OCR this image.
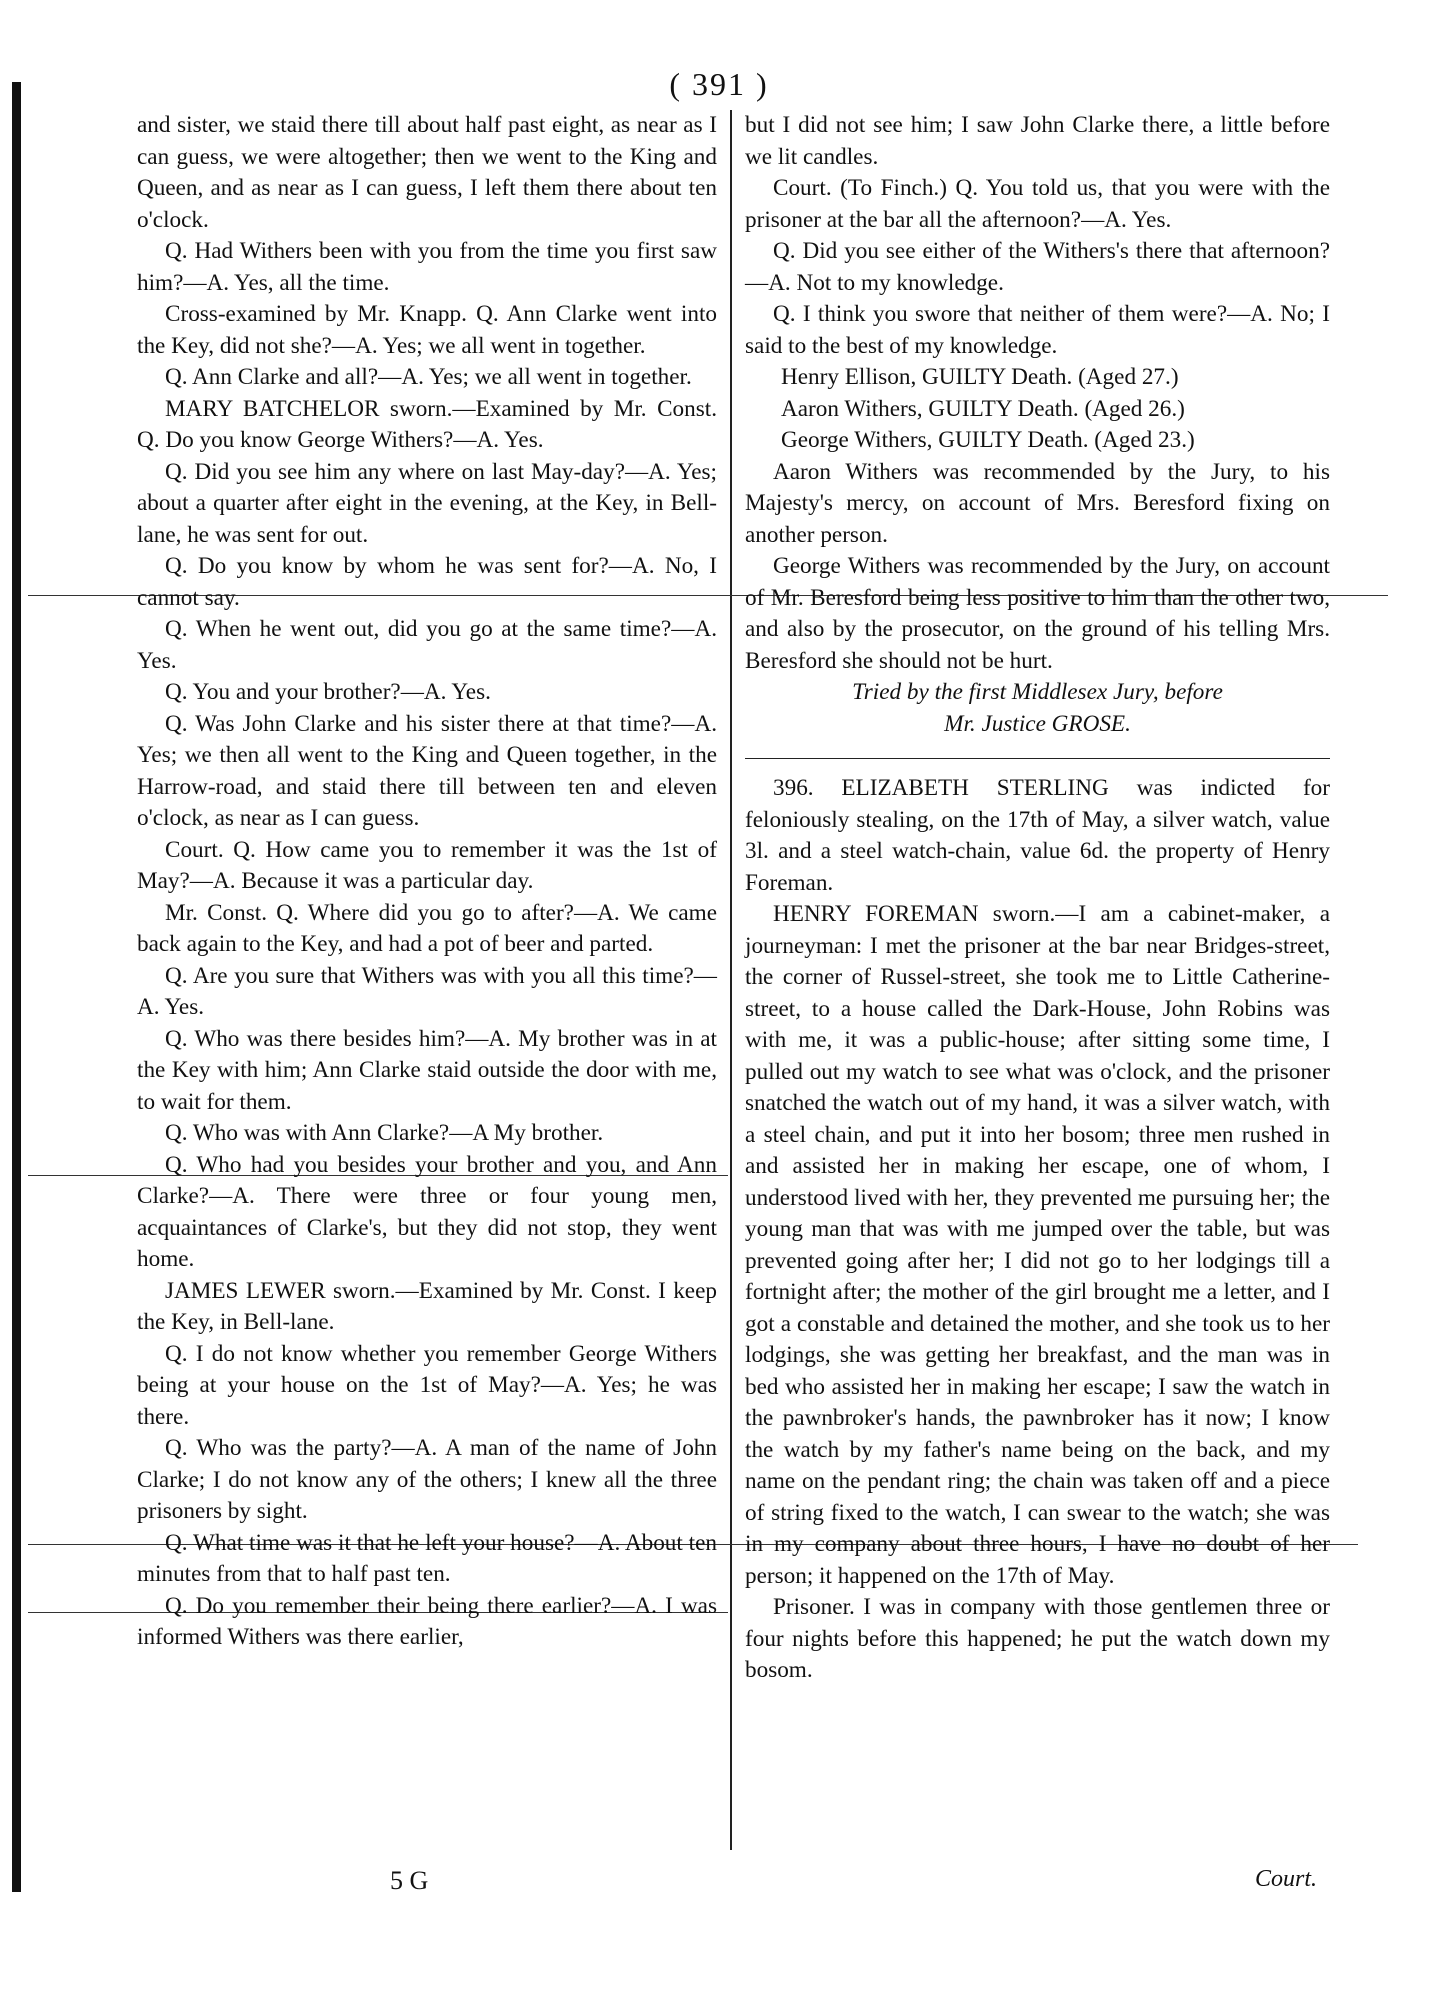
( 391 )

and sister, we staid there till about half past eight, as near as I can guess, we were altogether; then we went to the King and Queen, and as near as I can guess, I left them there about ten o'clock.

Q. Had Withers been with you from the time you first saw him?—A. Yes, all the time.

Cross-examined by Mr. Knapp. Q. Ann Clarke went into the Key, did not she?—A. Yes; we all went in together.

Q. Ann Clarke and all?—A. Yes; we all went in together.

MARY BATCHELOR sworn.—Examined by Mr. Const. Q. Do you know George Withers?—A. Yes.

Q. Did you see him any where on last May-day?—A. Yes; about a quarter after eight in the evening, at the Key, in Bell-lane, he was sent for out.

Q. Do you know by whom he was sent for?—A. No, I cannot say.

Q. When he went out, did you go at the same time?—A. Yes.

Q. You and your brother?—A. Yes.

Q. Was John Clarke and his sister there at that time?—A. Yes; we then all went to the King and Queen together, in the Harrow-road, and staid there till between ten and eleven o'clock, as near as I can guess.

Court. Q. How came you to remember it was the 1st of May?—A. Because it was a particular day.

Mr. Const. Q. Where did you go to after?—A. We came back again to the Key, and had a pot of beer and parted.

Q. Are you sure that Withers was with you all this time?—A. Yes.

Q. Who was there besides him?—A. My brother was in at the Key with him; Ann Clarke staid outside the door with me, to wait for them.

Q. Who was with Ann Clarke?—A My brother.

Q. Who had you besides your brother and you, and Ann Clarke?—A. There were three or four young men, acquaintances of Clarke's, but they did not stop, they went home.

JAMES LEWER sworn.—Examined by Mr. Const. I keep the Key, in Bell-lane.

Q. I do not know whether you remember George Withers being at your house on the 1st of May?—A. Yes; he was there.

Q. Who was the party?—A. A man of the name of John Clarke; I do not know any of the others; I knew all the three prisoners by sight.

Q. What time was it that he left your house?—A. About ten minutes from that to half past ten.

Q. Do you remember their being there earlier?—A. I was informed Withers was there earlier,

but I did not see him; I saw John Clarke there, a little before we lit candles.

Court. (To Finch.) Q. You told us, that you were with the prisoner at the bar all the afternoon?—A. Yes.

Q. Did you see either of the Withers's there that afternoon?—A. Not to my knowledge.

Q. I think you swore that neither of them were?—A. No; I said to the best of my knowledge.

Henry Ellison, GUILTY Death. (Aged 27.)

Aaron Withers, GUILTY Death. (Aged 26.)

George Withers, GUILTY Death. (Aged 23.)

Aaron Withers was recommended by the Jury, to his Majesty's mercy, on account of Mrs. Beresford fixing on another person.

George Withers was recommended by the Jury, on account of Mr. Beresford being less positive to him than the other two, and also by the prosecutor, on the ground of his telling Mrs. Beresford she should not be hurt.

Tried by the first Middlesex Jury, before

Mr. Justice GROSE.

396. ELIZABETH STERLING was indicted for feloniously stealing, on the 17th of May, a silver watch, value 3l. and a steel watch-chain, value 6d. the property of Henry Foreman.

HENRY FOREMAN sworn.—I am a cabinet-maker, a journeyman: I met the prisoner at the bar near Bridges-street, the corner of Russel-street, she took me to Little Catherine-street, to a house called the Dark-House, John Robins was with me, it was a public-house; after sitting some time, I pulled out my watch to see what was o'clock, and the prisoner snatched the watch out of my hand, it was a silver watch, with a steel chain, and put it into her bosom; three men rushed in and assisted her in making her escape, one of whom, I understood lived with her, they prevented me pursuing her; the young man that was with me jumped over the table, but was prevented going after her; I did not go to her lodgings till a fortnight after; the mother of the girl brought me a letter, and I got a constable and detained the mother, and she took us to her lodgings, she was getting her breakfast, and the man was in bed who assisted her in making her escape; I saw the watch in the pawnbroker's hands, the pawnbroker has it now; I know the watch by my father's name being on the back, and my name on the pendant ring; the chain was taken off and a piece of string fixed to the watch, I can swear to the watch; she was in my company about three hours, I have no doubt of her person; it happened on the 17th of May.

Prisoner. I was in company with those gentlemen three or four nights before this happened; he put the watch down my bosom.

5 G	Court.
